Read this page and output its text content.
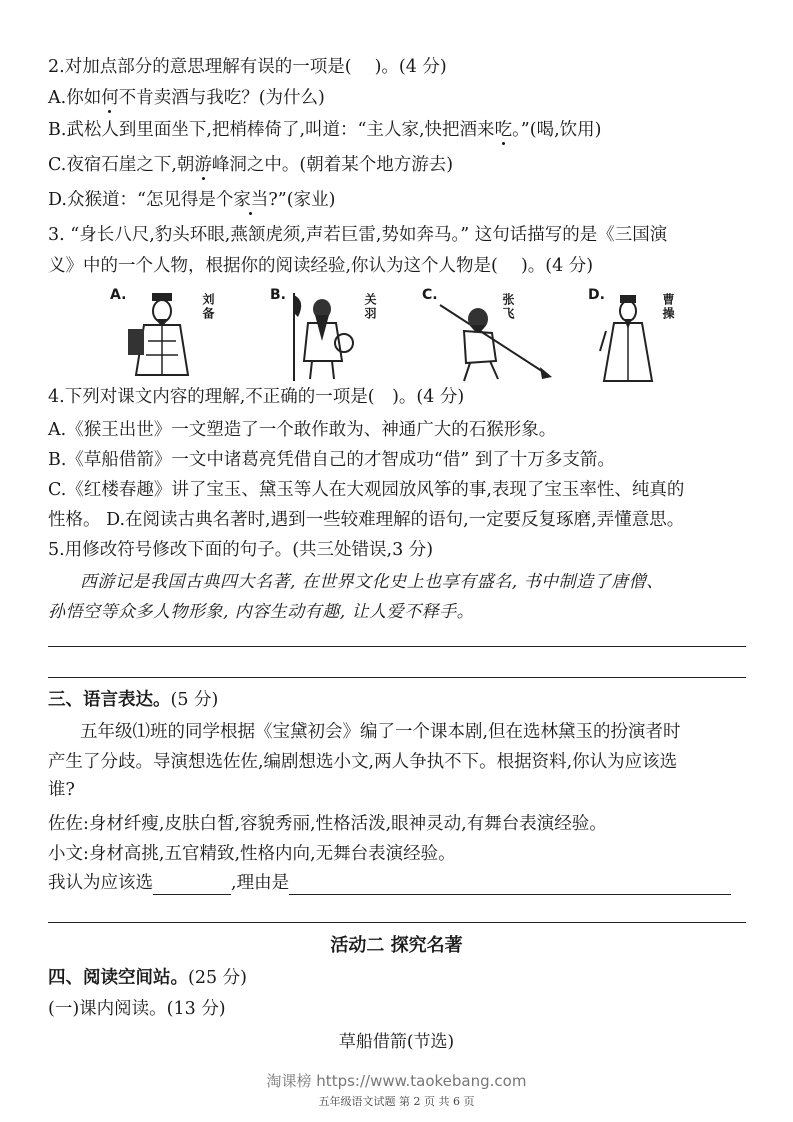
2.对加点部分的意思理解有误的一项是(　 )。(4 分)
A.你如何不肯卖酒与我吃？(为什么)
B.武松人到里面坐下,把梢棒倚了,叫道：“主人家,快把酒来吃。”(喝,饮用)
C.夜宿石崖之下,朝游峰洞之中。(朝着某个地方游去)
D.众猴道：“怎见得是个家当?”(家业)
3. “身长八尺,豹头环眼,燕颔虎须,声若巨雷,势如奔马。” 这句话描写的是《三国演
义》中的一个人物，根据你的阅读经验,你认为这个人物是(　 )。(4 分)
A.	刘备	B.	关羽	C.	张飞	D.	曹操
4.下列对课文内容的理解,不正确的一项是(　)。(4 分)
A.《猴王出世》一文塑造了一个敢作敢为、神通广大的石猴形象。
B.《草船借箭》一文中诸葛亮凭借自己的才智成功“借” 到了十万多支箭。
C.《红楼春趣》讲了宝玉、黛玉等人在大观园放风筝的事,表现了宝玉率性、纯真的
性格。 D.在阅读古典名著时,遇到一些较难理解的语句,一定要反复琢磨,弄懂意思。
5.用修改符号修改下面的句子。(共三处错误,3 分)
西游记是我国古典四大名著, 在世界文化史上也享有盛名, 书中制造了唐僧、
孙悟空等众多人物形象, 内容生动有趣, 让人爱不释手。
三、语言表达。(5 分)
五年级⑴班的同学根据《宝黛初会》编了一个课本剧,但在选林黛玉的扮演者时
产生了分歧。导演想选佐佐,编剧想选小文,两人争执不下。根据资料,你认为应该选
谁?
佐佐:身材纤瘦,皮肤白皙,容貌秀丽,性格活泼,眼神灵动,有舞台表演经验。
小文:身材高挑,五官精致,性格内向,无舞台表演经验。
我认为应该选	,理由是
活动二 探究名著
四、阅读空间站。(25 分)
(一)课内阅读。(13 分)
草船借箭(节选)
淘课榜 https://www.taokebang.com
五年级语文试题 第 2 页 共 6 页
